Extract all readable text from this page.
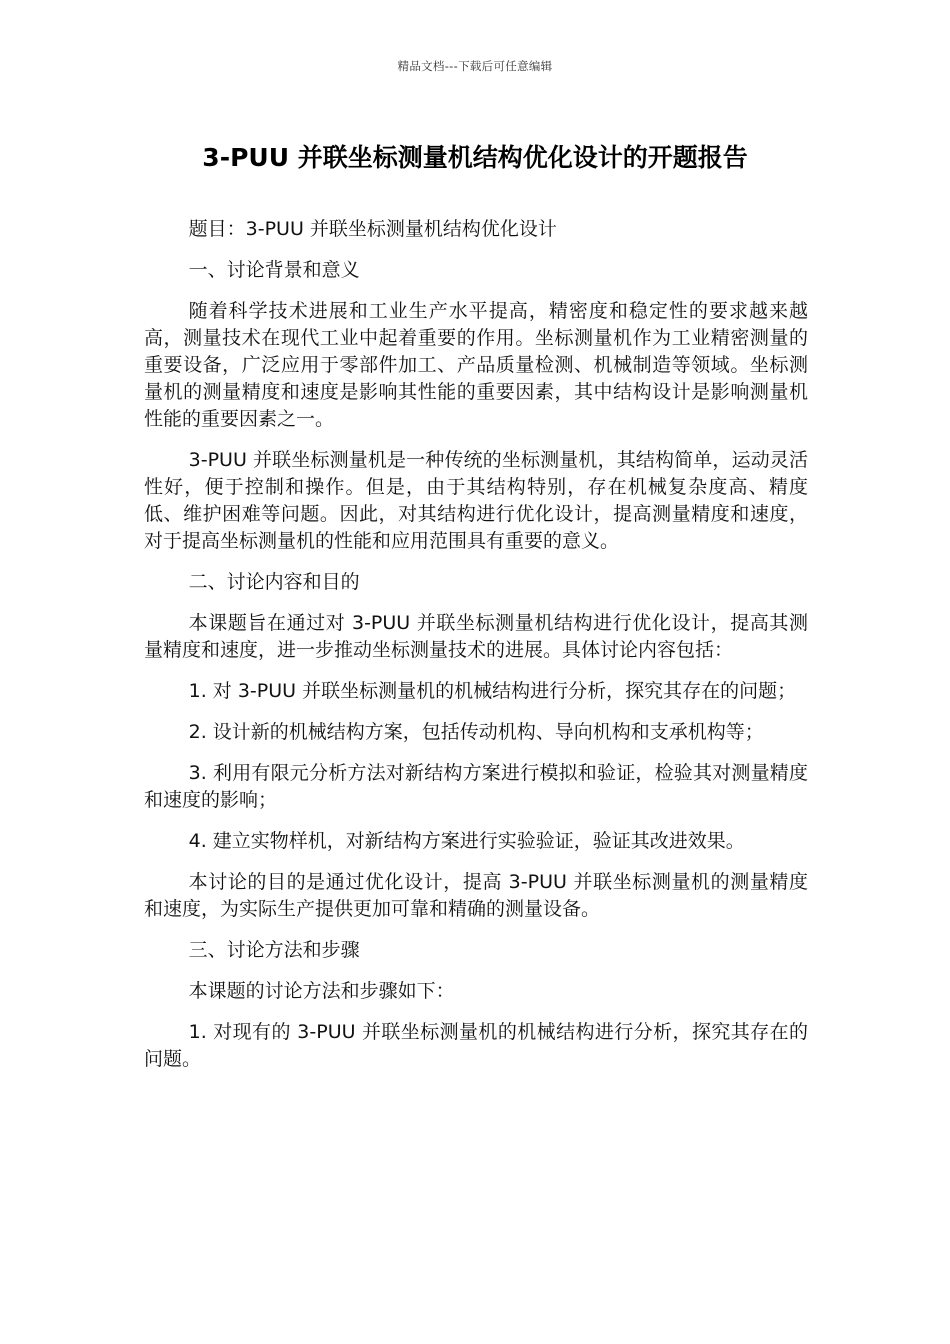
精品文档---下载后可任意编辑
3-PUU 并联坐标测量机结构优化设计的开题报告

题目：3-PUU 并联坐标测量机结构优化设计

一、讨论背景和意义

随着科学技术进展和工业生产水平提高，精密度和稳定性的要求越来越高，测量技术在现代工业中起着重要的作用。坐标测量机作为工业精密测量的重要设备，广泛应用于零部件加工、产品质量检测、机械制造等领域。坐标测量机的测量精度和速度是影响其性能的重要因素，其中结构设计是影响测量机性能的重要因素之一。

3-PUU 并联坐标测量机是一种传统的坐标测量机，其结构简单，运动灵活性好，便于控制和操作。但是，由于其结构特别，存在机械复杂度高、精度低、维护困难等问题。因此，对其结构进行优化设计，提高测量精度和速度，对于提高坐标测量机的性能和应用范围具有重要的意义。

二、讨论内容和目的

本课题旨在通过对 3-PUU 并联坐标测量机结构进行优化设计，提高其测量精度和速度，进一步推动坐标测量技术的进展。具体讨论内容包括：

1. 对 3-PUU 并联坐标测量机的机械结构进行分析，探究其存在的问题；

2. 设计新的机械结构方案，包括传动机构、导向机构和支承机构等；

3. 利用有限元分析方法对新结构方案进行模拟和验证，检验其对测量精度和速度的影响；

4. 建立实物样机，对新结构方案进行实验验证，验证其改进效果。

本讨论的目的是通过优化设计，提高 3-PUU 并联坐标测量机的测量精度和速度，为实际生产提供更加可靠和精确的测量设备。

三、讨论方法和步骤

本课题的讨论方法和步骤如下：

1. 对现有的 3-PUU 并联坐标测量机的机械结构进行分析，探究其存在的问题。
